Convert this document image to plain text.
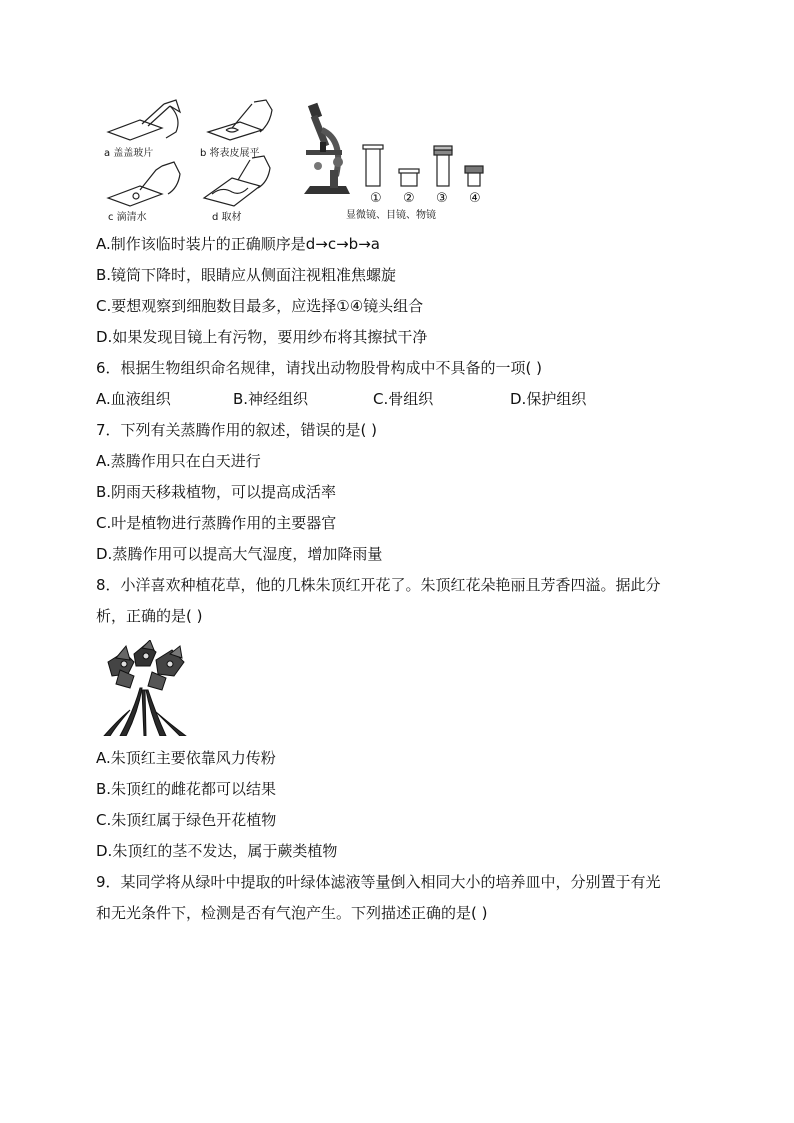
a 盖盖玻片	b 将表皮展平
c 滴清水	d 取材
① ② ③ ④
显微镜、目镜、物镜
A.制作该临时装片的正确顺序是d→c→b→a
B.镜筒下降时，眼睛应从侧面注视粗准焦螺旋
C.要想观察到细胞数目最多，应选择①④镜头组合
D.如果发现目镜上有污物，要用纱布将其擦拭干净
6．根据生物组织命名规律，请找出动物股骨构成中不具备的一项( )
A.血液组织	B.神经组织	C.骨组织	D.保护组织
7．下列有关蒸腾作用的叙述，错误的是( )
A.蒸腾作用只在白天进行
B.阴雨天移栽植物，可以提高成活率
C.叶是植物进行蒸腾作用的主要器官
D.蒸腾作用可以提高大气湿度，增加降雨量
8．小洋喜欢种植花草，他的几株朱顶红开花了。朱顶红花朵艳丽且芳香四溢。据此分
析，正确的是( )
A.朱顶红主要依靠风力传粉
B.朱顶红的雌花都可以结果
C.朱顶红属于绿色开花植物
D.朱顶红的茎不发达，属于蕨类植物
9．某同学将从绿叶中提取的叶绿体滤液等量倒入相同大小的培养皿中，分别置于有光
和无光条件下，检测是否有气泡产生。下列描述正确的是( )
